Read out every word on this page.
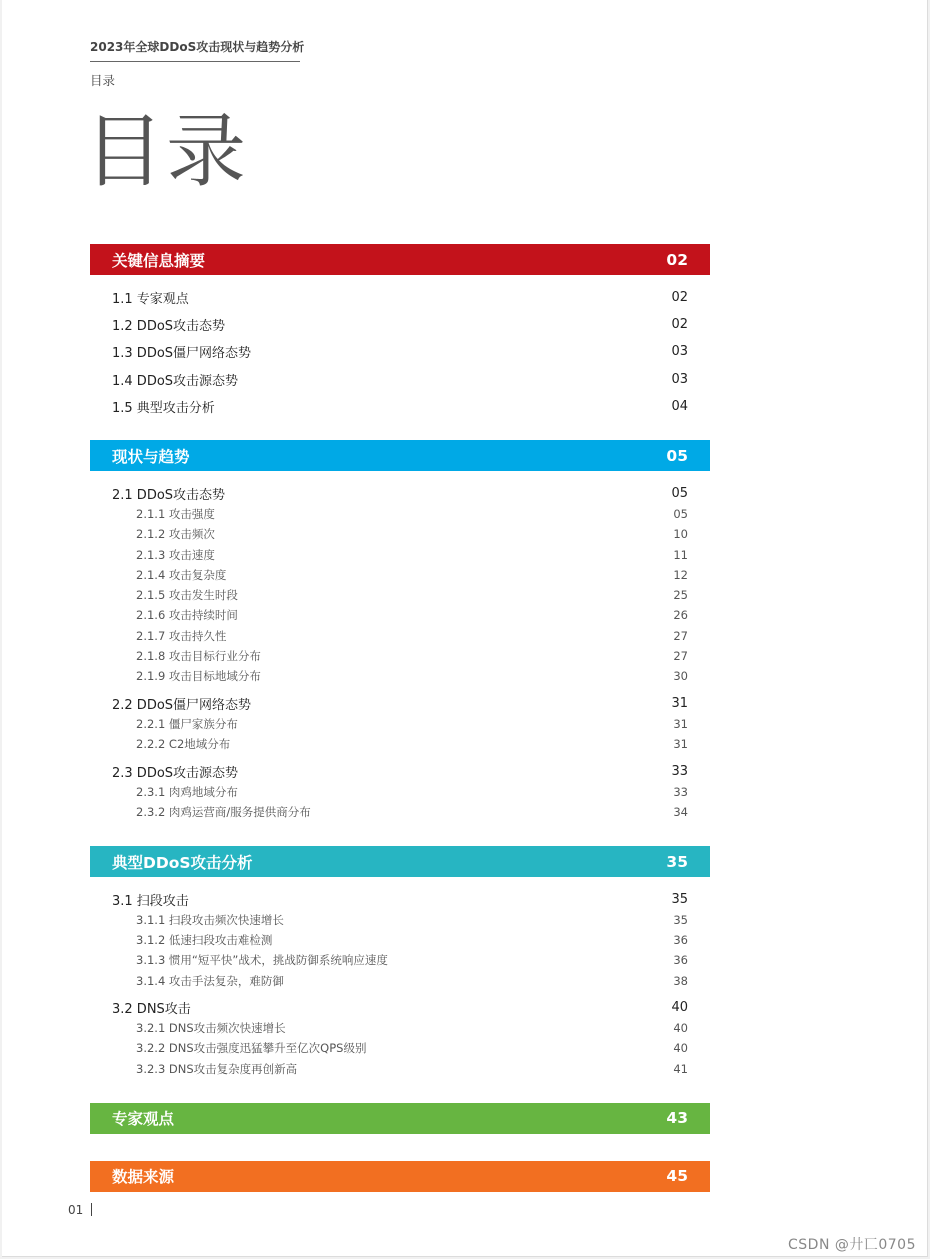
2023年全球DDoS攻击现状与趋势分析
目录
目录
关键信息摘要	02
1.1 专家观点	02
1.2 DDoS攻击态势	02
1.3 DDoS僵尸网络态势	03
1.4 DDoS攻击源态势	03
1.5 典型攻击分析	04
现状与趋势	05
2.1 DDoS攻击态势	05
2.1.1 攻击强度	05
2.1.2 攻击频次	10
2.1.3 攻击速度	11
2.1.4 攻击复杂度	12
2.1.5 攻击发生时段	25
2.1.6 攻击持续时间	26
2.1.7 攻击持久性	27
2.1.8 攻击目标行业分布	27
2.1.9 攻击目标地域分布	30
2.2 DDoS僵尸网络态势	31
2.2.1 僵尸家族分布	31
2.2.2 C2地域分布	31
2.3 DDoS攻击源态势	33
2.3.1 肉鸡地域分布	33
2.3.2 肉鸡运营商/服务提供商分布	34
典型DDoS攻击分析	35
3.1 扫段攻击	35
3.1.1 扫段攻击频次快速增长	35
3.1.2 低速扫段攻击难检测	36
3.1.3 惯用“短平快”战术，挑战防御系统响应速度	36
3.1.4 攻击手法复杂，难防御	38
3.2 DNS攻击	40
3.2.1 DNS攻击频次快速增长	40
3.2.2 DNS攻击强度迅猛攀升至亿次QPS级别	40
3.2.3 DNS攻击复杂度再创新高	41
专家观点	43
数据来源	45
01
CSDN @廾匸0705
